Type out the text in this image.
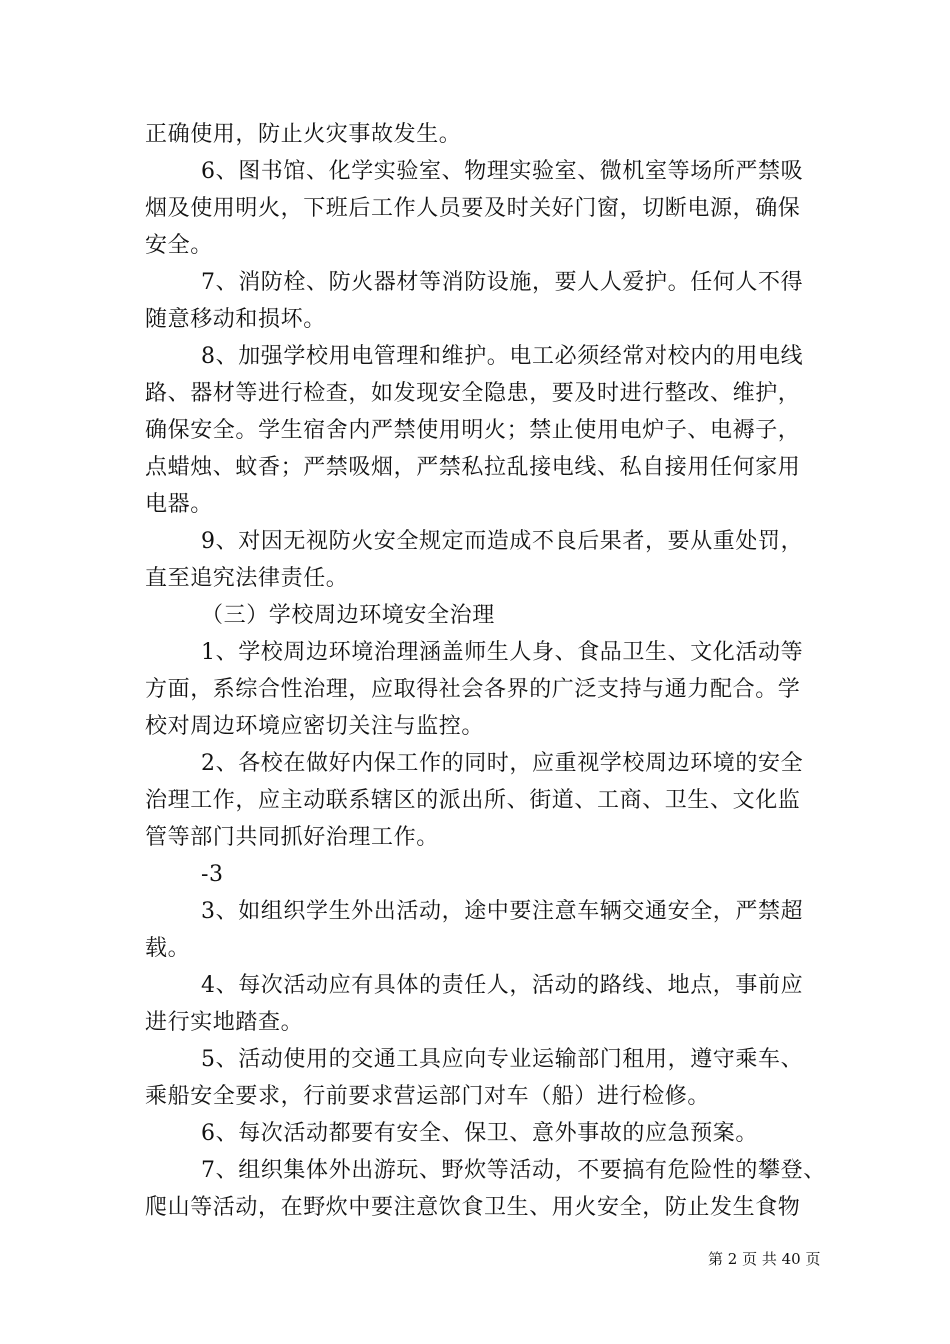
正确使用，防止火灾事故发生。
6、图书馆、化学实验室、物理实验室、微机室等场所严禁吸
烟及使用明火，下班后工作人员要及时关好门窗，切断电源，确保
安全。
7、消防栓、防火器材等消防设施，要人人爱护。任何人不得
随意移动和损坏。
8、加强学校用电管理和维护。电工必须经常对校内的用电线
路、器材等进行检查，如发现安全隐患，要及时进行整改、维护，
确保安全。学生宿舍内严禁使用明火；禁止使用电炉子、电褥子，
点蜡烛、蚊香；严禁吸烟，严禁私拉乱接电线、私自接用任何家用
电器。
9、对因无视防火安全规定而造成不良后果者，要从重处罚，
直至追究法律责任。
（三）学校周边环境安全治理
1、学校周边环境治理涵盖师生人身、食品卫生、文化活动等
方面，系综合性治理，应取得社会各界的广泛支持与通力配合。学
校对周边环境应密切关注与监控。
2、各校在做好内保工作的同时，应重视学校周边环境的安全
治理工作，应主动联系辖区的派出所、街道、工商、卫生、文化监
管等部门共同抓好治理工作。
-3
3、如组织学生外出活动，途中要注意车辆交通安全，严禁超
载。
4、每次活动应有具体的责任人，活动的路线、地点，事前应
进行实地踏查。
5、活动使用的交通工具应向专业运输部门租用，遵守乘车、
乘船安全要求，行前要求营运部门对车（船）进行检修。
6、每次活动都要有安全、保卫、意外事故的应急预案。
7、组织集体外出游玩、野炊等活动，不要搞有危险性的攀登、
爬山等活动，在野炊中要注意饮食卫生、用火安全，防止发生食物
第 2 页 共 40 页
